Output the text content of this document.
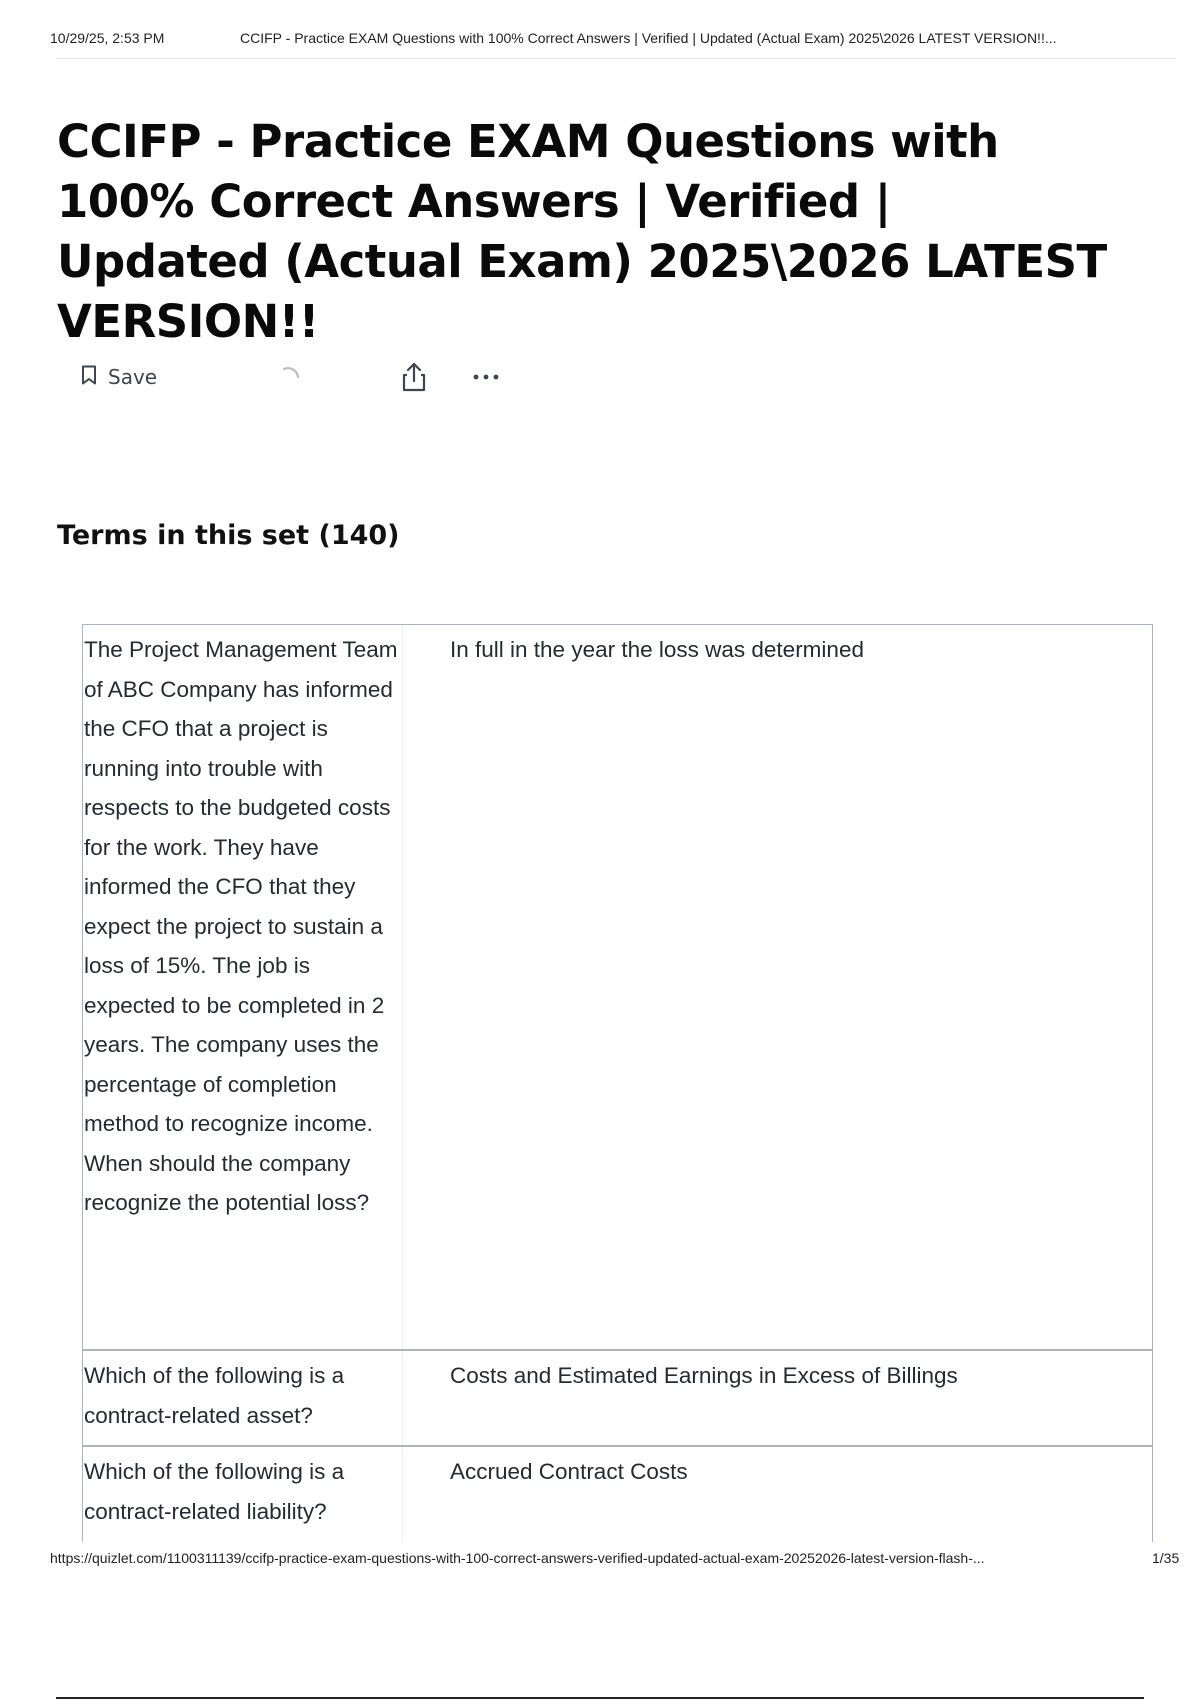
10/29/25, 2:53 PM	CCIFP - Practice EXAM Questions with 100% Correct Answers | Verified | Updated (Actual Exam) 2025\2026 LATEST VERSION!!...
CCIFP - Practice EXAM Questions with 100% Correct Answers | Verified | Updated (Actual Exam) 2025\2026 LATEST VERSION!!
Save
Terms in this set (140)
The Project Management Team of ABC Company has informed the CFO that a project is running into trouble with respects to the budgeted costs for the work. They have informed the CFO that they expect the project to sustain a loss of 15%. The job is expected to be completed in 2 years. The company uses the percentage of completion method to recognize income. When should the company recognize the potential loss?
In full in the year the loss was determined
Which of the following is a contract-related asset?
Costs and Estimated Earnings in Excess of Billings
Which of the following is a contract-related liability?
Accrued Contract Costs
https://quizlet.com/1100311139/ccifp-practice-exam-questions-with-100-correct-answers-verified-updated-actual-exam-20252026-latest-version-flash-...	1/35
